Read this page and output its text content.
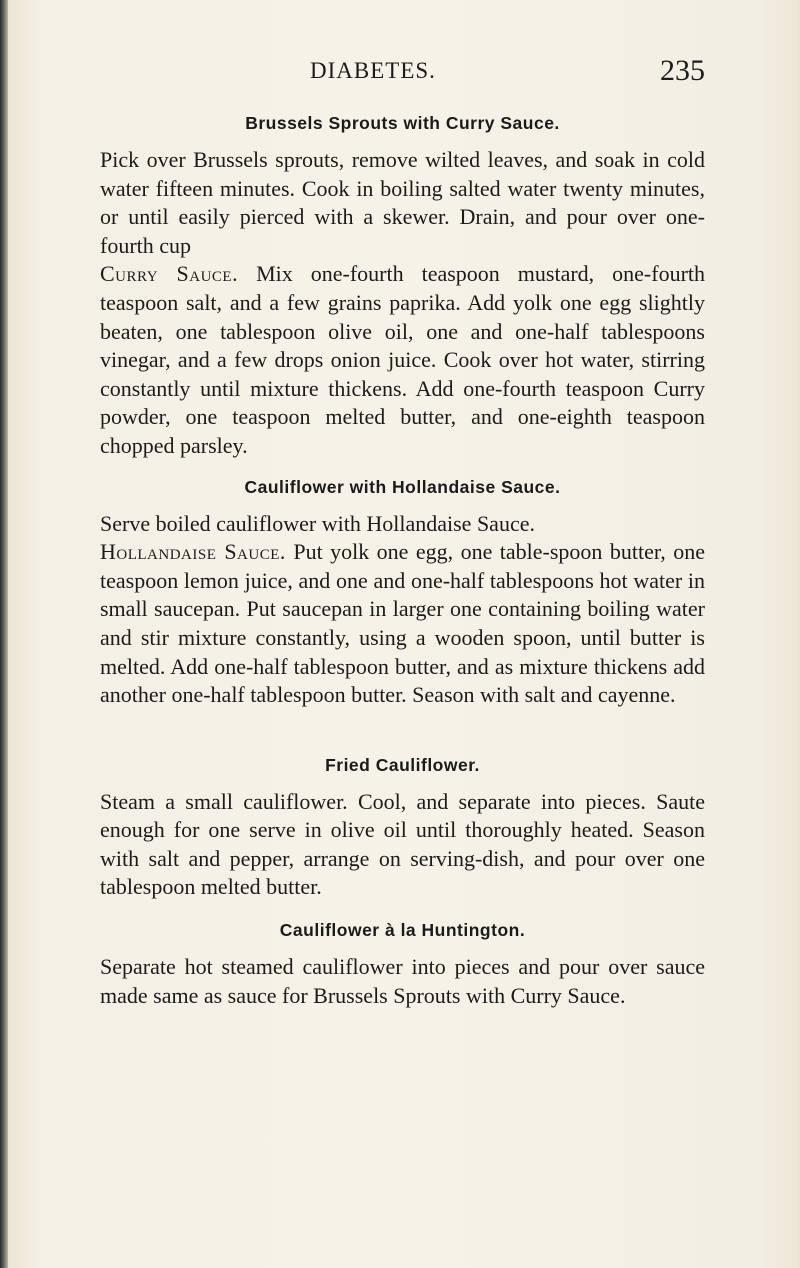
DIABETES.	235

Brussels Sprouts with Curry Sauce.

Pick over Brussels sprouts, remove wilted leaves, and soak in cold water fifteen minutes. Cook in boiling salted water twenty minutes, or until easily pierced with a skewer. Drain, and pour over one-fourth cup
Curry Sauce. Mix one-fourth teaspoon mustard, one-fourth teaspoon salt, and a few grains paprika. Add yolk one egg slightly beaten, one tablespoon olive oil, one and one-half tablespoons vinegar, and a few drops onion juice. Cook over hot water, stirring constantly until mixture thickens. Add one-fourth teaspoon Curry powder, one teaspoon melted butter, and one-eighth teaspoon chopped parsley.

Cauliflower with Hollandaise Sauce.

Serve boiled cauliflower with Hollandaise Sauce.
Hollandaise Sauce. Put yolk one egg, one table-spoon butter, one teaspoon lemon juice, and one and one-half tablespoons hot water in small saucepan. Put saucepan in larger one containing boiling water and stir mixture constantly, using a wooden spoon, until butter is melted. Add one-half tablespoon butter, and as mixture thickens add another one-half tablespoon butter. Season with salt and cayenne.

Fried Cauliflower.

Steam a small cauliflower. Cool, and separate into pieces. Saute enough for one serve in olive oil until thoroughly heated. Season with salt and pepper, arrange on serving-dish, and pour over one tablespoon melted butter.

Cauliflower à la Huntington.

Separate hot steamed cauliflower into pieces and pour over sauce made same as sauce for Brussels Sprouts with Curry Sauce.
